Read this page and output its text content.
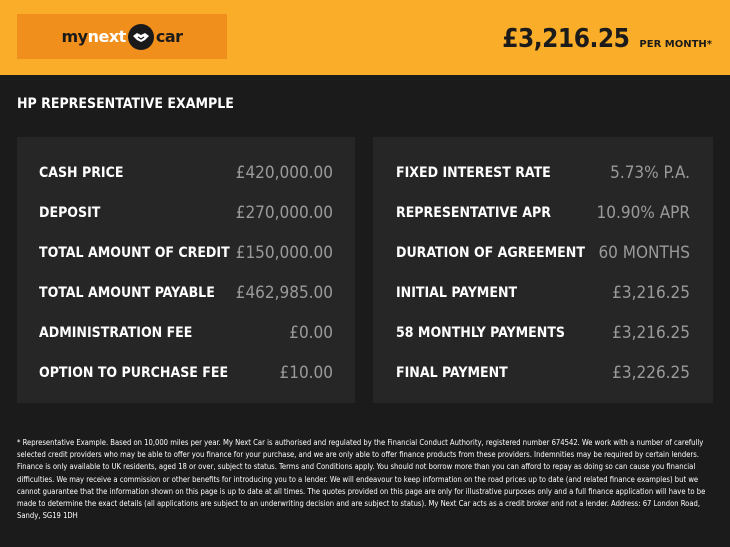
my next car	£3,216.25 PER MONTH*
HP REPRESENTATIVE EXAMPLE
CASH PRICE	£420,000.00
DEPOSIT	£270,000.00
TOTAL AMOUNT OF CREDIT £150,000.00
TOTAL AMOUNT PAYABLE £462,985.00
ADMINISTRATION FEE	£0.00
OPTION TO PURCHASE FEE	£10.00
FIXED INTEREST RATE	5.73% P.A.
REPRESENTATIVE APR	10.90% APR
DURATION OF AGREEMENT 60 MONTHS
INITIAL PAYMENT	£3,216.25
58 MONTHLY PAYMENTS	£3,216.25
FINAL PAYMENT	£3,226.25
* Representative Example. Based on 10,000 miles per year. My Next Car is authorised and regulated by the Financial Conduct Authority, registered number 674542. We work with a number of carefully selected credit providers who may be able to offer you finance for your purchase, and we are only able to offer finance products from these providers. Indemnities may be required by certain lenders. Finance is only available to UK residents, aged 18 or over, subject to status. Terms and Conditions apply. You should not borrow more than you can afford to repay as doing so can cause you financial difficulties. We may receive a commission or other benefits for introducing you to a lender. We will endeavour to keep information on the road prices up to date (and related finance examples) but we cannot guarantee that the information shown on this page is up to date at all times. The quotes provided on this page are only for illustrative purposes only and a full finance application will have to be made to determine the exact details (all applications are subject to an underwriting decision and are subject to status). My Next Car acts as a credit broker and not a lender. Address: 67 London Road, Sandy, SG19 1DH
